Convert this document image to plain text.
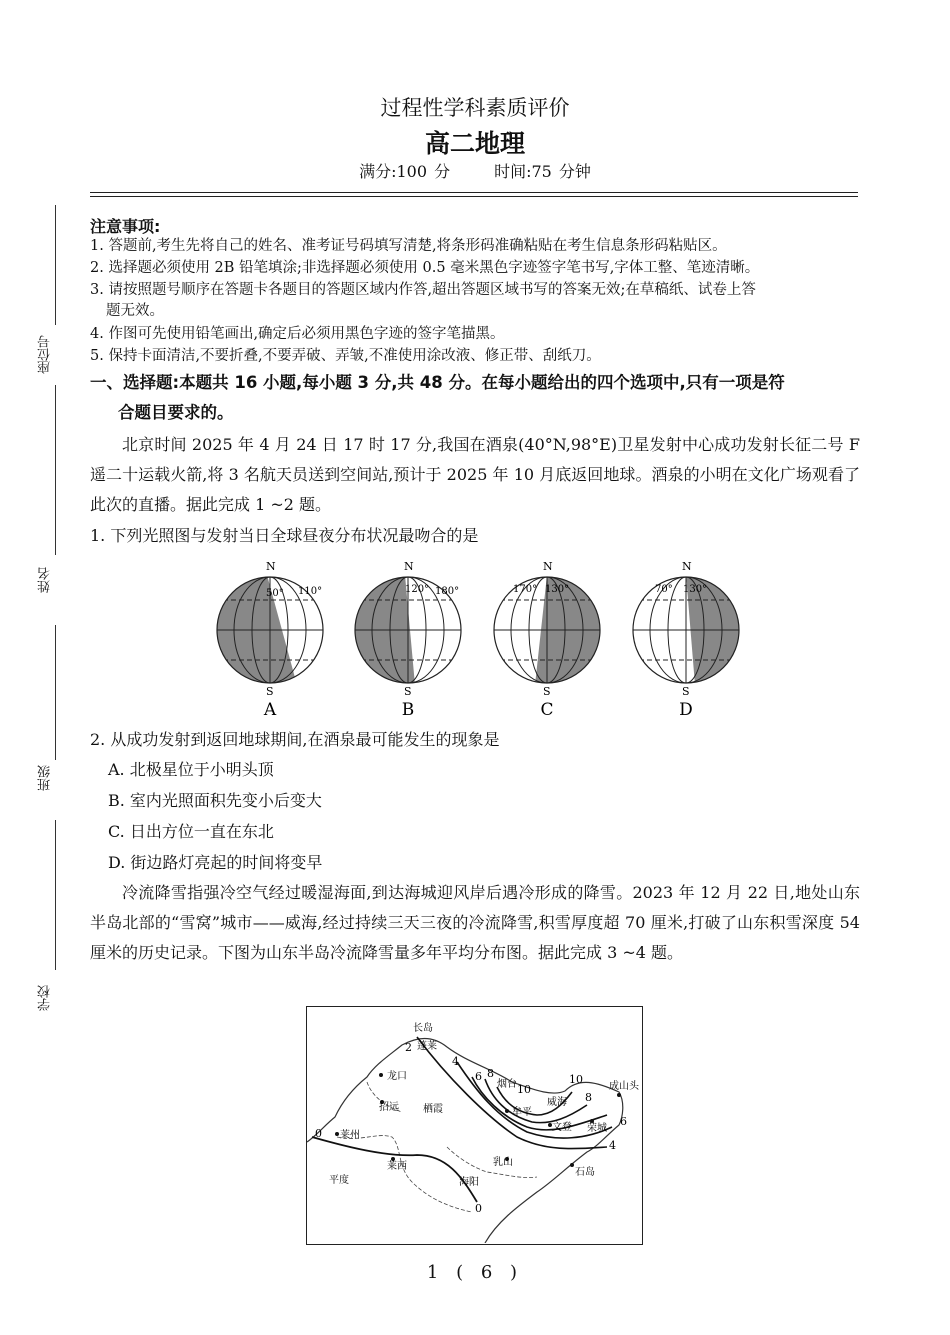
过程性学科素质评价
高二地理
满分:100 分	时间:75 分钟
座位号
姓名
班级
学校
注意事项:
1. 答题前,考生先将自己的姓名、准考证号码填写清楚,将条形码准确粘贴在考生信息条形码粘贴区。
2. 选择题必须使用 2B 铅笔填涂;非选择题必须使用 0.5 毫米黑色字迹签字笔书写,字体工整、笔迹清晰。
3. 请按照题号顺序在答题卡各题目的答题区域内作答,超出答题区域书写的答案无效;在草稿纸、试卷上答
题无效。
4. 作图可先使用铅笔画出,确定后必须用黑色字迹的签字笔描黑。
5. 保持卡面清洁,不要折叠,不要弄破、弄皱,不准使用涂改液、修正带、刮纸刀。
一、选择题:本题共 16 小题,每小题 3 分,共 48 分。在每小题给出的四个选项中,只有一项是符
合题目要求的。
北京时间 2025 年 4 月 24 日 17 时 17 分,我国在酒泉(40°N,98°E)卫星发射中心成功发射长征二号 F 遥二十运载火箭,将 3 名航天员送到空间站,预计于 2025 年 10 月底返回地球。酒泉的小明在文化广场观看了此次的直播。据此完成 1 ~2 题。
1. 下列光照图与发射当日全球昼夜分布状况最吻合的是
50° 110°
N
S
A
120° 180°
N
S
B
170° 130°
N
S
C
70° 130°
N
S
D
2. 从成功发射到返回地球期间,在酒泉最可能发生的现象是
A. 北极星位于小明头顶
B. 室内光照面积先变小后变大
C. 日出方位一直在东北
D. 街边路灯亮起的时间将变早
冷流降雪指强冷空气经过暖湿海面,到达海城迎风岸后遇冷形成的降雪。2023 年 12 月 22 日,地处山东半岛北部的“雪窝”城市——威海,经过持续三天三夜的冷流降雪,积雪厚度超 70 厘米,打破了山东积雪深度 54 厘米的历史记录。下图为山东半岛冷流降雪量多年平均分布图。据此完成 3 ~4 题。
2
4
6 8
10
10
8
6
4
0
0
长岛
蓬莱
龙口
招远 栖霞
烟台
威海
牟平
文登 荣城
成山头
莱州
莱西
平度
乳山
海阳
石岛
1 ( 6 )
